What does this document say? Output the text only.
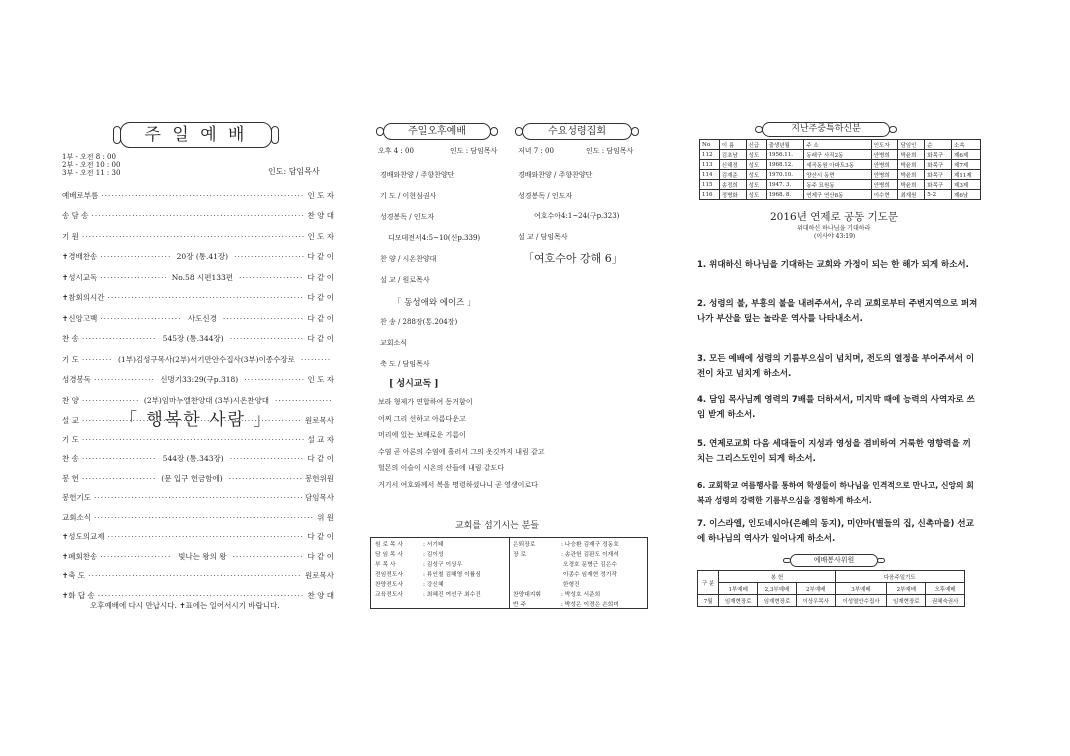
주 일 예 배
1부 - 오전 8 : 00
2부 - 오전 10 : 00
3부 - 오전 11 : 30	인도: 담임목사
예배로부름 ·····	인 도 자
송 담 송 ·····	찬 양 대
기 원 ·····	인 도 자
✝경배찬송 ·····	20장 (통.41장) ·····	다 같 이
✝성시교독 ·····	No.58 시편133편 ·····	다 같 이
✝참회의시간 ·····	다 같 이
✝신앙고백 ·····	사도신경 ·····	다 같 이
찬 송 ·····	545장 (통.344장) ·····	다 같 이
기 도 ·····	(1부)김성구목사(2부)서기만안수집사(3부)이종수장로
·····
성경봉독 ·····	신명기33:29(구p.318) ·····	인 도 자
찬 양 ·····	(2부)임마누엘찬양대 (3부)시온찬양대
·····
설 교 ·····	원로목사
「 행복한 사람 」
기 도 ·····	설 교 자
찬 송 ·····	544장 (통.343장) ·····	다 같 이
봉 헌 ·····	(문 입구 헌금함에) ·····	봉헌위원
봉헌기도 ·····	담임목사
교회소식 ·····	위 원
✝성도의교제 ·····	다 같 이
✝폐회찬송 ·····	빛나는 왕의 왕 ·····	다 같 이
✝축 도 ·····	원로목사
✝화 답 송 ·····	찬 양 대
오후예배에 다시 만납시다. ✝표에는 일어서시기 바랍니다.
주일오후예배
오후 4 : 00	인도 : 담임목사
경배와찬양 / 주향찬양단
기 도 / 이현심권사
성경봉독 / 인도자
디모데전서4:5~10(신p.339)
찬 양 / 시온찬양대
설 교 / 원로목사
「 동성애와 에이즈 」
찬 송 / 288장(통.204장)
교회소식
축 도 / 담임목사
수요성령집회
저녁 7 : 00	인도 : 담임목사
경배와찬양 / 주향찬양단
성경봉독 / 인도자
여호수아4:1~24(구p.323)
설 교 / 담임목사
「여호수아 강해 6」
[ 성시교독 ]
보라 형제가 연합하여 동거함이
어찌 그리 선하고 아름다운고
머리에 있는 보배로운 기름이
수염 곧 아론의 수염에 흘러서 그의 옷깃까지 내림 같고
헐몬의 이슬이 시온의 산들에 내림 같도다
거기서 여호와께서 복을 명령하셨나니 곧 영생이로다
교회를 섬기시는 분들
원 로 목 사	: 서기태
담 임 목 사	: 김이성
부 목 사	: 김성구 이상우
전임전도사	: 류인철 김혜영 이률심
찬양전도사	: 강신혜
교육전도사	: 최혜진 여선구 최수진
은퇴장로	: 나승환 김재구 정동호
장 로	: 송관헌 김판도 이재석
오경호 문병근 김은수
이종수 임재현 정기작
한형진
찬양대지휘	: 박성호 서준희
반 주	: 박성은 이경은 손희미
지난주중특하신분
No	이 름	신급	출생년월	주 소	인도자	담임인	순	소속
112	김초남	성도	1956.11.	동래구 사직2동	안병희	박윤희	화목구	제6제
113	신해정	성도	1968.12.	세곡동원 아파트3동	안병희	박윤희	화목구	제7제
114	김재준	성도	1970.10.	양산시 동면	안병희	박윤희	화목구	제11제
115	송정희	성도	1947. 3.	동주 묘원동	안병희	박윤희	화목구	제3제
116	정병화	성도	1968. 8.	연제구 연산8동	이수현	최재원	5-2	제6남
2016년 연제로 공동 기도문
위대하신 하나님을 기대하라
(이사야 43:19)
1. 위대하신 하나님을 기대하는 교회와 가정이 되는 한 해가 되게 하소서.
2. 성령의 불, 부흥의 불을 내려주셔서, 우리 교회로부터 주변지역으로 퍼져나가 부산을 덮는 놀라운 역사를 나타내소서.
3. 모든 예배에 성령의 기름부으심이 넘치며, 전도의 열정을 부어주셔서 이 전이 차고 넘치게 하소서.
4. 담임 목사님께 영력의 7배를 더하셔서, 미지막 때에 능력의 사역자로 쓰임 받게 하소서.
5. 연제로교회 다음 세대들이 지성과 영성을 겸비하여 거룩한 영향력을 끼치는 그리스도인이 되게 하소서.
6. 교회학교 여름행사를 통하여 학생들이 하나님을 인격적으로 만나고, 신앙의 회복과 성령의 강력한 기름부으심을 경험하게 하소서.
7. 이스라엘, 인도네시아(은혜의 동지), 미얀마(별들의 집, 신촉마을) 선교에 하나님의 역사가 일어나게 하소서.
예배봉사위원
구 분	봉 헌			다음주일기도		
	1부예배	2,3부예배	2부예배	3부예배	2부예배	오후예배
7월	임재현장로	임재현장로	이상우목사	이성열안수집사	임재현장로	권혜숙권사
